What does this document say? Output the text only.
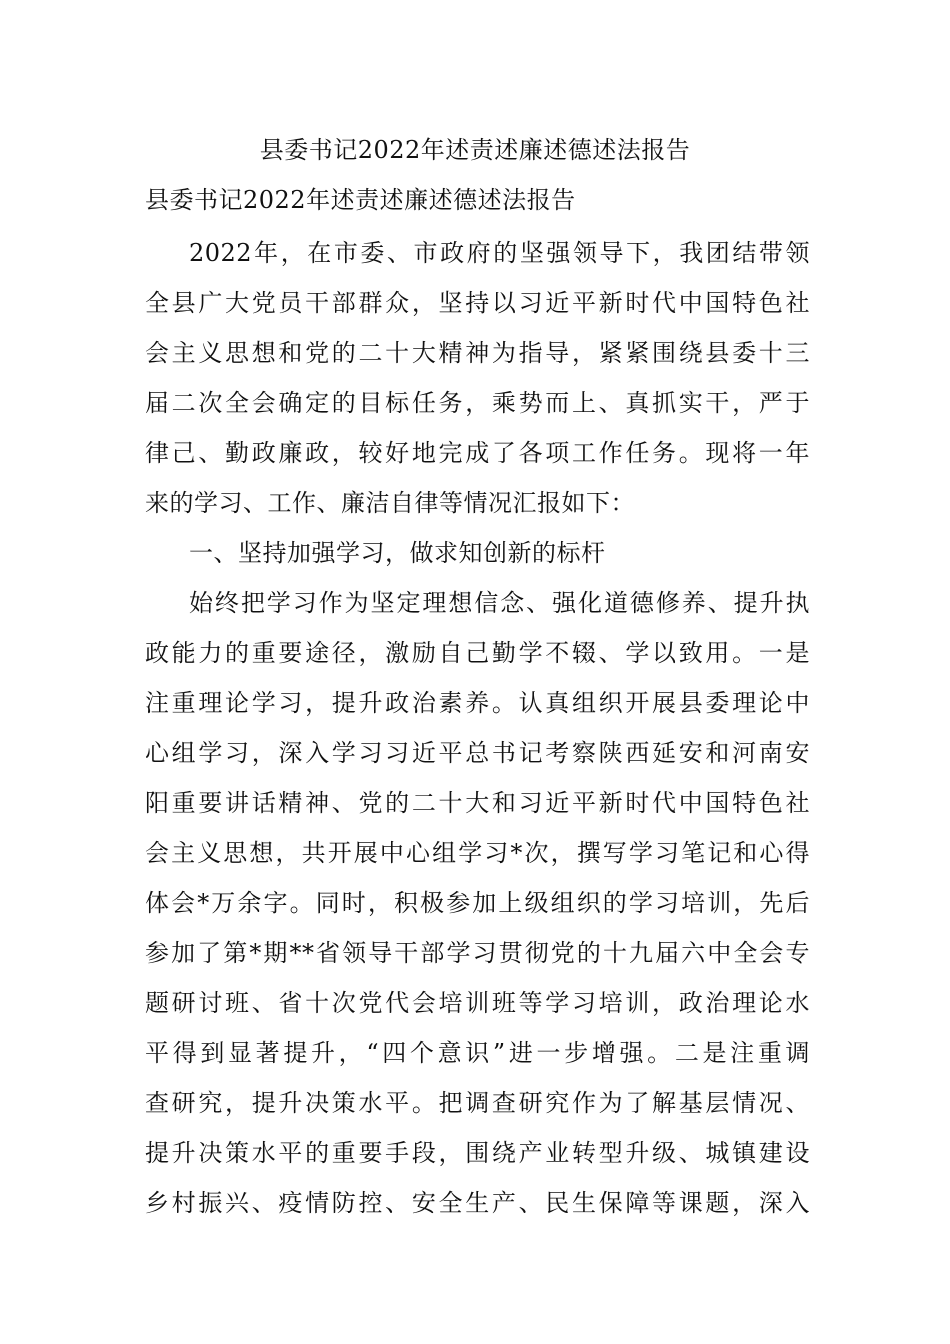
县委书记2022年述责述廉述德述法报告
县委书记2022年述责述廉述德述法报告
2022年，在市委、市政府的坚强领导下，我团结带领
全县广大党员干部群众，坚持以习近平新时代中国特色社
会主义思想和党的二十大精神为指导，紧紧围绕县委十三
届二次全会确定的目标任务，乘势而上、真抓实干，严于
律己、勤政廉政，较好地完成了各项工作任务。现将一年
来的学习、工作、廉洁自律等情况汇报如下：
一、坚持加强学习，做求知创新的标杆
始终把学习作为坚定理想信念、强化道德修养、提升执
政能力的重要途径，激励自己勤学不辍、学以致用。一是
注重理论学习，提升政治素养。认真组织开展县委理论中
心组学习，深入学习习近平总书记考察陕西延安和河南安
阳重要讲话精神、党的二十大和习近平新时代中国特色社
会主义思想，共开展中心组学习*次，撰写学习笔记和心得
体会*万余字。同时，积极参加上级组织的学习培训，先后
参加了第*期**省领导干部学习贯彻党的十九届六中全会专
题研讨班、省十次党代会培训班等学习培训，政治理论水
平得到显著提升，“四个意识”进一步增强。二是注重调
查研究，提升决策水平。把调查研究作为了解基层情况、
提升决策水平的重要手段，围绕产业转型升级、城镇建设
乡村振兴、疫情防控、安全生产、民生保障等课题，深入
